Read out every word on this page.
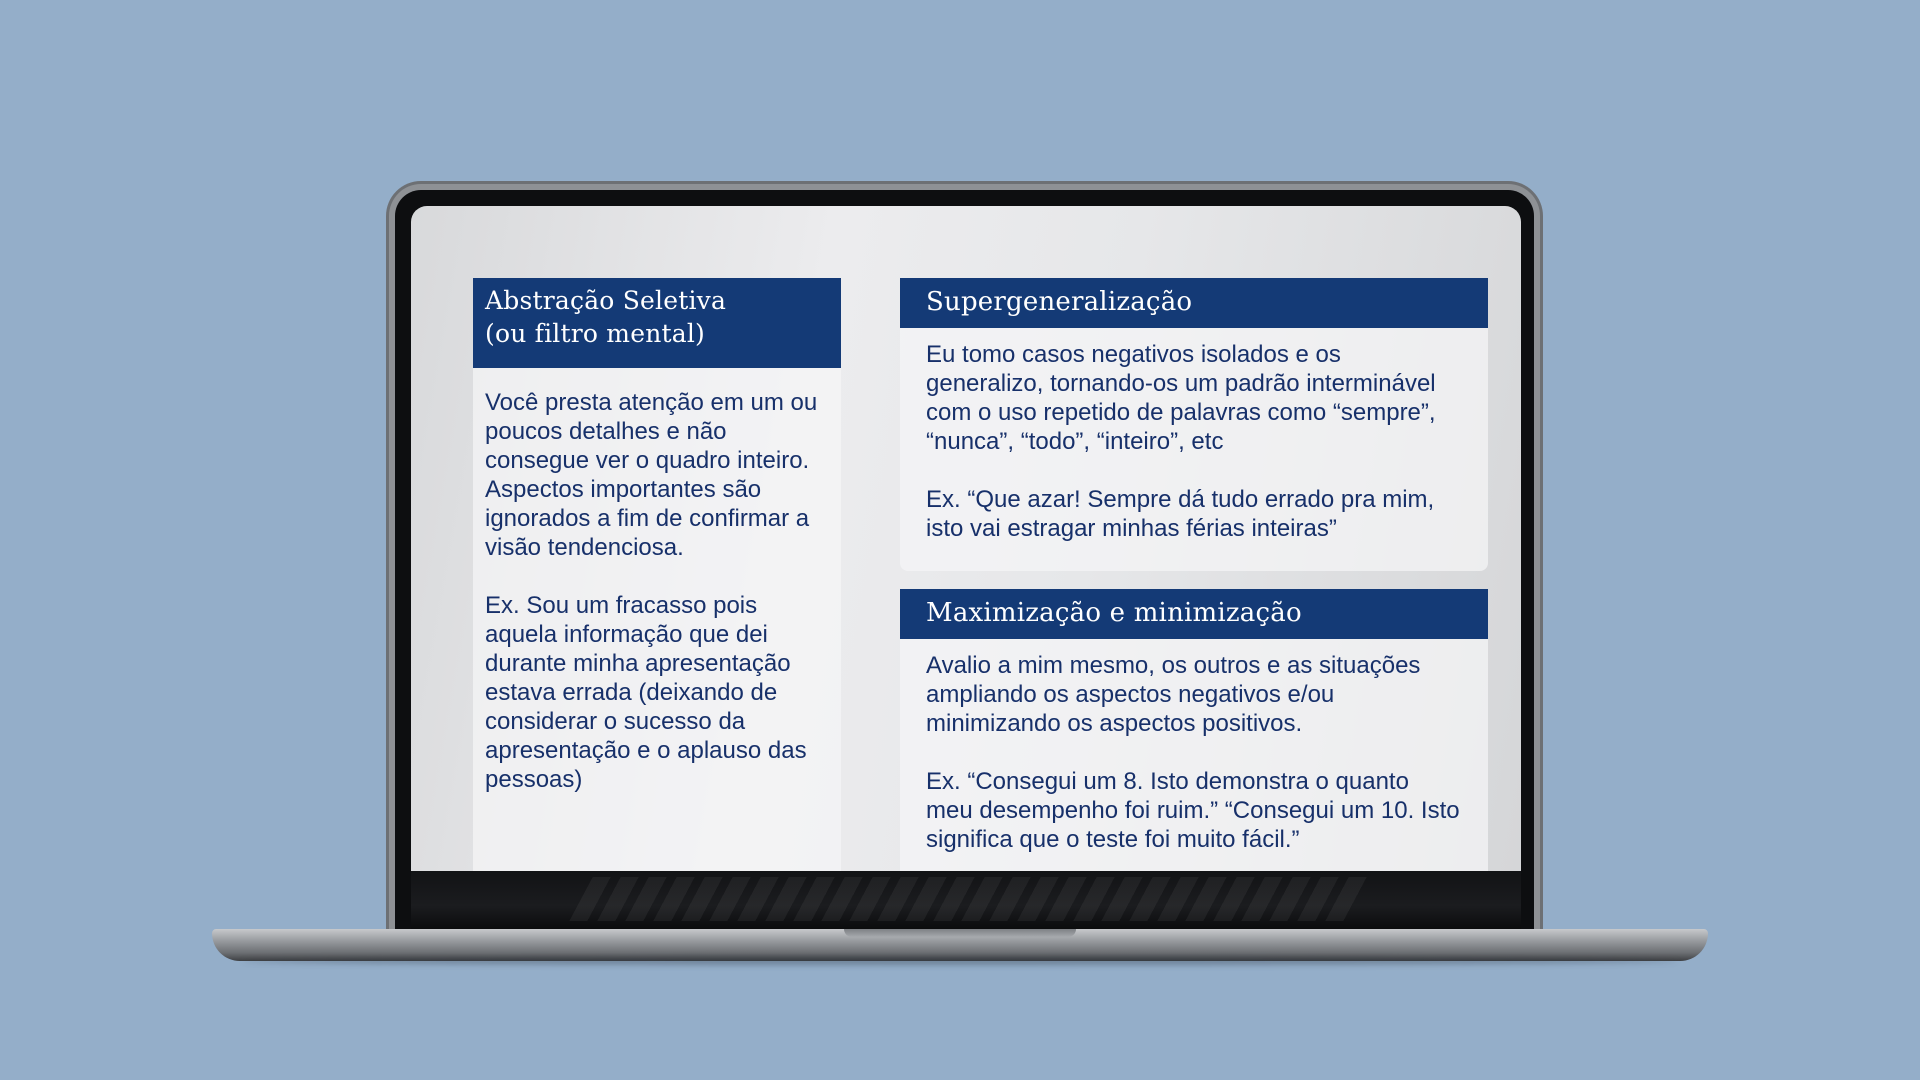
Abstração Seletiva
(ou filtro mental)

Você presta atenção em um ou poucos detalhes e não consegue ver o quadro inteiro. Aspectos importantes são ignorados a fim de confirmar a visão tendenciosa.

Ex. Sou um fracasso pois aquela informação que dei durante minha apresentação estava errada (deixando de considerar o sucesso da apresentação e o aplauso das pessoas)

Supergeneralização

Eu tomo casos negativos isolados e os generalizo, tornando-os um padrão interminável com o uso repetido de palavras como “sempre”, “nunca”, “todo”, “inteiro”, etc

Ex. “Que azar! Sempre dá tudo errado pra mim, isto vai estragar minhas férias inteiras”

Maximização e minimização

Avalio a mim mesmo, os outros e as situações ampliando os aspectos negativos e/ou minimizando os aspectos positivos.

Ex. “Consegui um 8. Isto demonstra o quanto meu desempenho foi ruim.” “Consegui um 10. Isto significa que o teste foi muito fácil.”
